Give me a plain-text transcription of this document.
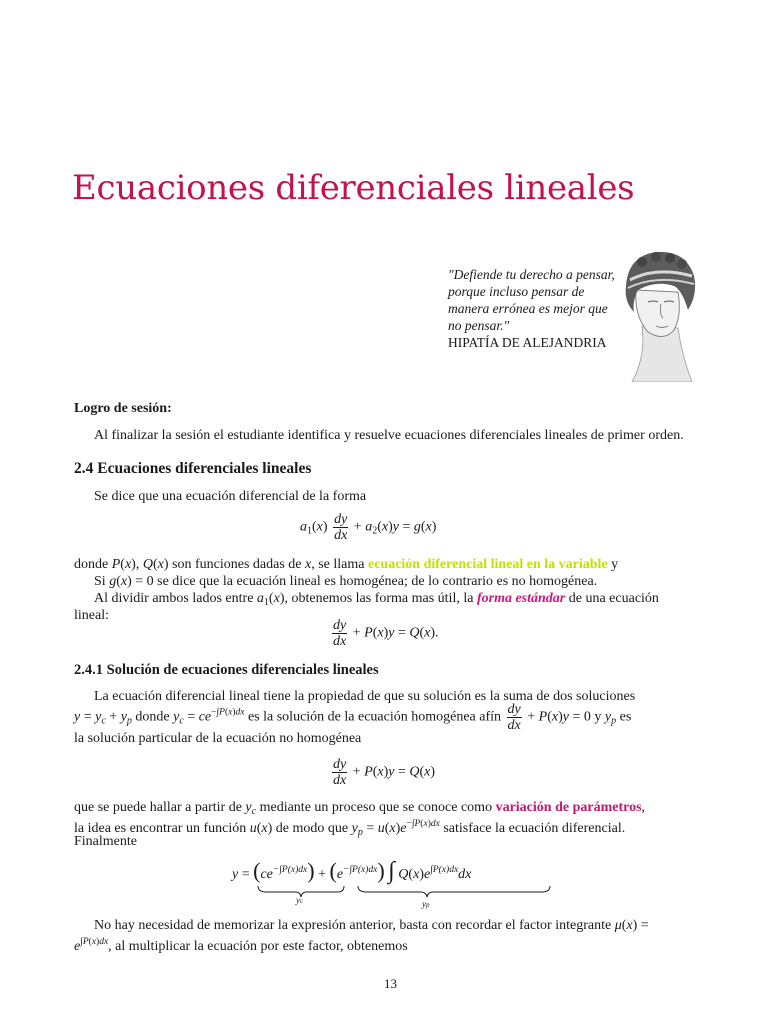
Ecuaciones diferenciales lineales
"Defiende tu derecho a pensar, porque incluso pensar de manera errónea es mejor que no pensar."
HIPATÍA DE ALEJANDRIA
Logro de sesión:
Al finalizar la sesión el estudiante identifica y resuelve ecuaciones diferenciales lineales de primer orden.
2.4 Ecuaciones diferenciales lineales
Se dice que una ecuación diferencial de la forma
$a_1(x) \frac{dy}{dx} + a_2(x)y = g(x)$
donde P(x), Q(x) son funciones dadas de x, se llama ecuación diferencial lineal en la variable y
Si g(x) = 0 se dice que la ecuación lineal es homogénea; de lo contrario es no homogénea.
Al dividir ambos lados entre $a_1(x)$, obtenemos las forma mas útil, la forma estándar de una ecuación
lineal:
$\frac{dy}{dx} + P(x)y = Q(x)$.
2.4.1 Solución de ecuaciones diferenciales lineales
La ecuación diferencial lineal tiene la propiedad de que su solución es la suma de dos soluciones
$y = y_c + y_p$ donde $y_c = ce^{-\int P(x)dx}$ es la solución de la ecuación homogénea afín $\frac{dy}{dx} + P(x)y = 0$ y $y_p$ es
la solución particular de la ecuación no homogénea
$\frac{dy}{dx} + P(x)y = Q(x)$
que se puede hallar a partir de $y_c$ mediante un proceso que se conoce como variación de parámetros,
la idea es encontrar un función u(x) de modo que $y_p = u(x)e^{-\int P(x)dx}$ satisface la ecuación diferencial.
Finalmente
$y = (ce^{-\int P(x)dx}) + (e^{-\int P(x)dx})$ ∫ $Q(x)e^{\int P(x)dx}dx$
yc	yp
No hay necesidad de memorizar la expresión anterior, basta con recordar el factor integrante μ(x) =
$e^{\int P(x)dx}$, al multiplicar la ecuación por este factor, obtenemos
13
